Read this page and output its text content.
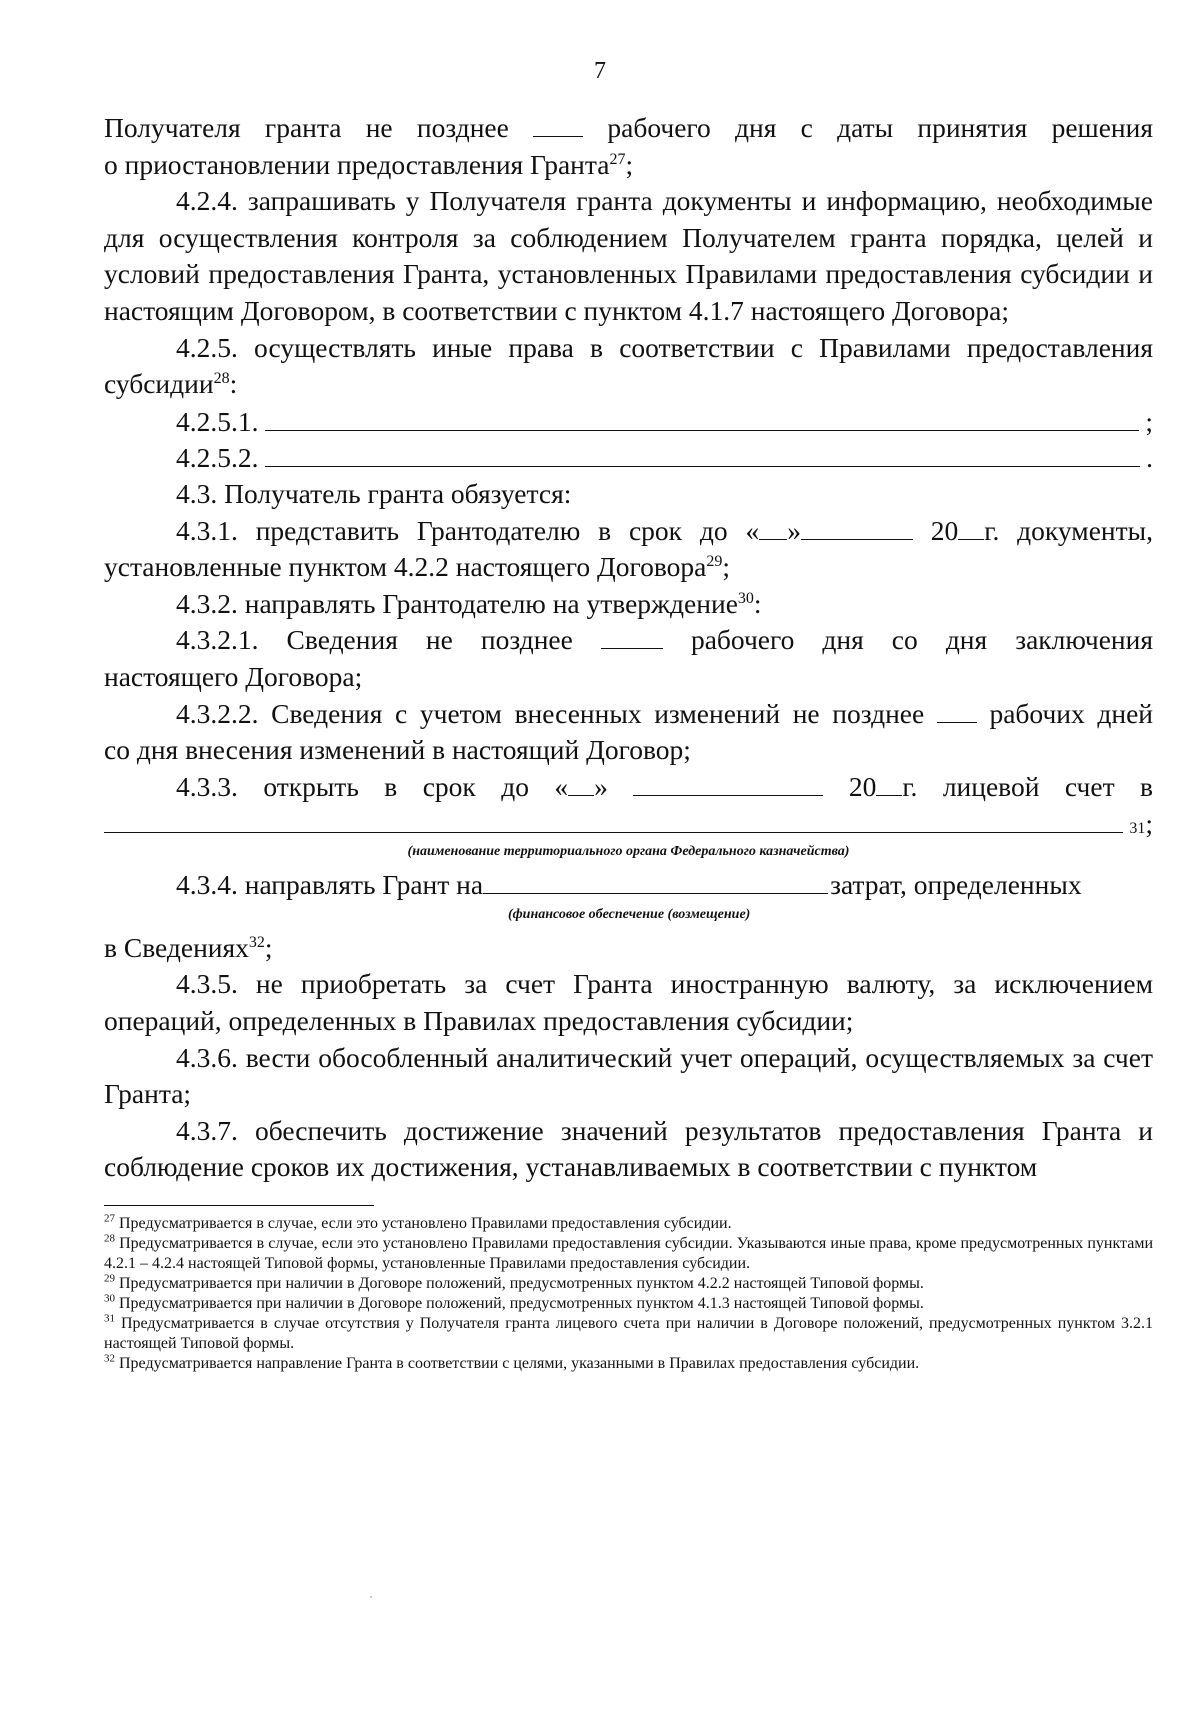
7
Получателя гранта не позднее  рабочего дня с даты принятия решения
о приостановлении предоставления Гранта$^{27}$;
4.2.4. запрашивать у Получателя гранта документы и информацию, необходимые для осуществления контроля за соблюдением Получателем гранта порядка, целей и условий предоставления Гранта, установленных Правилами предоставления субсидии и настоящим Договором, в соответствии с пунктом 4.1.7 настоящего Договора;
4.2.5. осуществлять иные права в соответствии с Правилами предоставления субсидии$^{28}$:
4.2.5.1.	;
4.2.5.2.	.
4.3. Получатель гранта обязуется:
4.3.1. представить Грантодателю в срок до « »	20 г. документы,
установленные пунктом 4.2.2 настоящего Договора$^{29}$;
4.3.2. направлять Грантодателю на утверждение$^{30}$:
4.3.2.1. Сведения не позднее  рабочего дня со дня заключения
настоящего Договора;
4.3.2.2. Сведения с учетом внесенных изменений не позднее  рабочих дней
со дня внесения изменений в настоящий Договор;
4.3.3. открыть в срок до « »	20 г. лицевой счет в
31 ;
(наименование территориального органа Федерального казначейства)
4.3.4. направлять Грант на	затрат, определенных
(финансовое обеспечение (возмещение)
в Сведениях$^{32}$;
4.3.5. не приобретать за счет Гранта иностранную валюту, за исключением операций, определенных в Правилах предоставления субсидии;
4.3.6. вести обособленный аналитический учет операций, осуществляемых за счет Гранта;
4.3.7. обеспечить достижение значений результатов предоставления Гранта и соблюдение сроков их достижения, устанавливаемых в соответствии с пунктом

$^{27}$ Предусматривается в случае, если это установлено Правилами предоставления субсидии.

$^{28}$ Предусматривается в случае, если это установлено Правилами предоставления субсидии. Указываются иные права, кроме предусмотренных пунктами 4.2.1 – 4.2.4 настоящей Типовой формы, установленные Правилами предоставления субсидии.

$^{29}$ Предусматривается при наличии в Договоре положений, предусмотренных пунктом 4.2.2 настоящей Типовой формы.

$^{30}$ Предусматривается при наличии в Договоре положений, предусмотренных пунктом 4.1.3 настоящей Типовой формы.

$^{31}$ Предусматривается в случае отсутствия у Получателя гранта лицевого счета при наличии в Договоре положений, предусмотренных пунктом 3.2.1 настоящей Типовой формы.

$^{32}$ Предусматривается направление Гранта в соответствии с целями, указанными в Правилах предоставления субсидии.
